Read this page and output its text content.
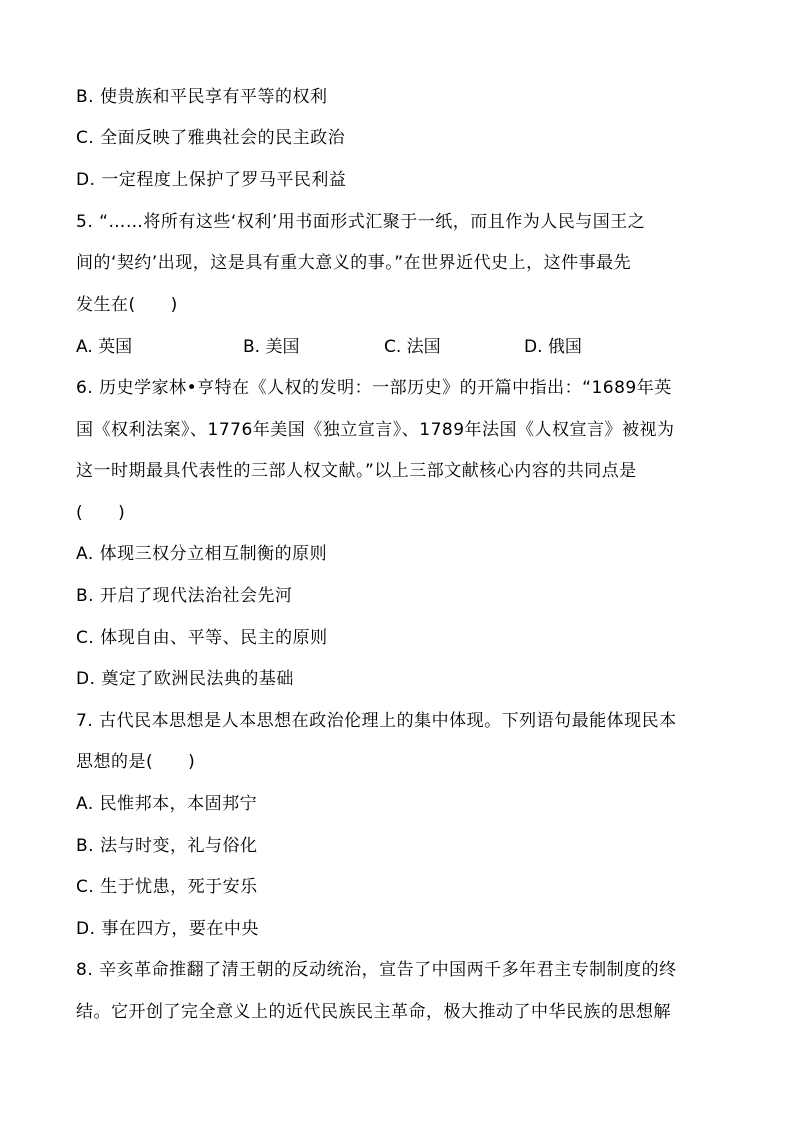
B. 使贵族和平民享有平等的权利
C. 全面反映了雅典社会的民主政治
D. 一定程度上保护了罗马平民利益
5. “……将所有这些‘权利’用书面形式汇聚于一纸，而且作为人民与国王之
间的‘契约’出现，这是具有重大意义的事。”在世界近代史上，这件事最先
发生在(　　)

A. 英国

	B. 美国

	C. 法国

	D. 俄国

6. 历史学家林•亨特在《人权的发明：一部历史》的开篇中指出：“1689年英
国《权利法案》、1776年美国《独立宣言》、1789年法国《人权宣言》被视为
这一时期最具代表性的三部人权文献。”以上三部文献核心内容的共同点是
(　　)
A. 体现三权分立相互制衡的原则
B. 开启了现代法治社会先河
C. 体现自由、平等、民主的原则
D. 奠定了欧洲民法典的基础
7. 古代民本思想是人本思想在政治伦理上的集中体现。下列语句最能体现民本
思想的是(　　)
A. 民惟邦本，本固邦宁
B. 法与时变，礼与俗化
C. 生于忧患，死于安乐
D. 事在四方，要在中央
8. 辛亥革命推翻了清王朝的反动统治，宣告了中国两千多年君主专制制度的终
结。它开创了完全意义上的近代民族民主革命，极大推动了中华民族的思想解
